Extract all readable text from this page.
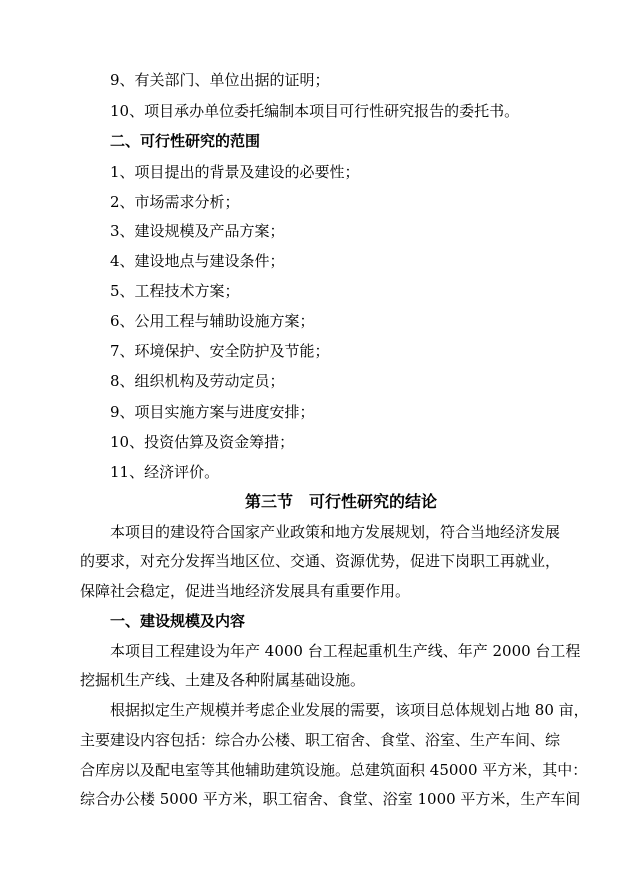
9、有关部门、单位出据的证明；
10、项目承办单位委托编制本项目可行性研究报告的委托书。
二、可行性研究的范围
1、项目提出的背景及建设的必要性；
2、市场需求分析；
3、建设规模及产品方案；
4、建设地点与建设条件；
5、工程技术方案；
6、公用工程与辅助设施方案；
7、环境保护、安全防护及节能；
8、组织机构及劳动定员；
9、项目实施方案与进度安排；
10、投资估算及资金筹措；
11、经济评价。
第三节　可行性研究的结论
本项目的建设符合国家产业政策和地方发展规划，符合当地经济发展
的要求，对充分发挥当地区位、交通、资源优势，促进下岗职工再就业，
保障社会稳定，促进当地经济发展具有重要作用。
一、建设规模及内容
本项目工程建设为年产 4000 台工程起重机生产线、年产 2000 台工程
挖掘机生产线、土建及各种附属基础设施。
根据拟定生产规模并考虑企业发展的需要，该项目总体规划占地 80 亩，
主要建设内容包括：综合办公楼、职工宿舍、食堂、浴室、生产车间、综
合库房以及配电室等其他辅助建筑设施。总建筑面积 45000 平方米，其中：
综合办公楼 5000 平方米，职工宿舍、食堂、浴室 1000 平方米，生产车间
